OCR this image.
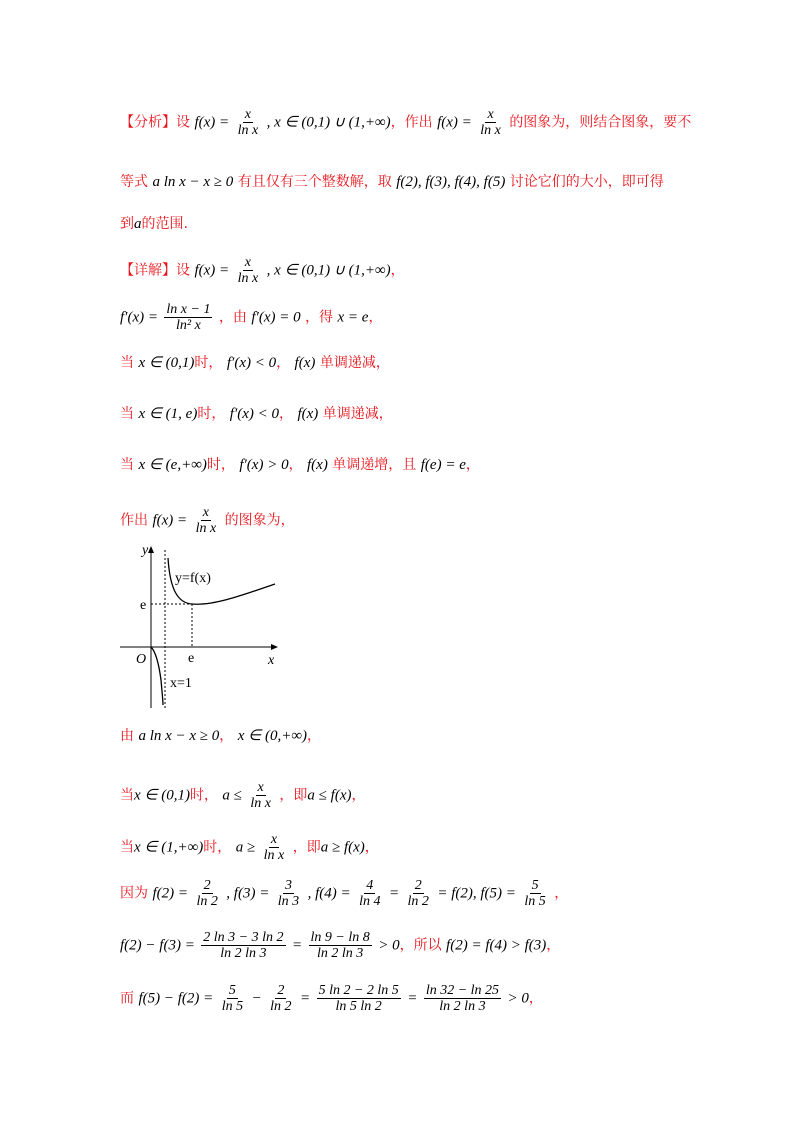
【分析】设 $f(x) = \frac{x}{\text{ln x}}$ , x ∈ (0,1) ∪ (1,+∞)，作出 $f(x) = \frac{x}{\text{ln x}}$ 的图象为，则结合图象，要不
等式 a ln x − x ≥ 0 有且仅有三个整数解，取 f(2), f(3), f(4), f(5) 讨论它们的大小，即可得
到a的范围.
【详解】设 $f(x) = \frac{x}{\text{ln x}}$ , x ∈ (0,1) ∪ (1,+∞)，
$f'(x) = \frac{\text{ln x − 1}}{\text{ln² x}}$ ，由 f′(x) = 0 ，得 x = e，
当 x ∈ (0,1)时， f′(x) < 0， f(x) 单调递减，
当 x ∈ (1, e)时， f′(x) < 0， f(x) 单调递减，
当 x ∈ (e,+∞)时， f′(x) > 0， f(x) 单调递增，且 f(e) = e，
作出 $f(x) = \frac{x}{\text{ln x}}$ 的图象为，
y
x
O
y=f(x)
e
e
x=1
由 a ln x − x ≥ 0， x ∈ (0,+∞)，
当x ∈ (0,1)时， $a \le \frac{x}{\text{ln x}}$ ，即a ≤ f(x)，
当x ∈ (1,+∞)时， $a \ge \frac{x}{\text{ln x}}$ ，即a ≥ f(x)，
因为 $f(2) = \frac{2}{\ln 2}$ , $f(3) = \frac{3}{\ln 3}$ , $f(4) = \frac{4}{\ln 4} = \frac{2}{\ln 2} = f(2)$, $f(5) = \frac{5}{\ln 5}$ ，
$f(2) - f(3) = \frac{2 \ln 3 - 3 \ln 2}{\ln 2 \ln 3} = \frac{\ln 9 - \ln 8}{\ln 2 \ln 3} > 0$，所以 f(2) = f(4) > f(3)，
而 $f(5) - f(2) = \frac{5}{\ln 5} - \frac{2}{\ln 2} = \frac{5 \ln 2 - 2 \ln 5}{\ln 5 \ln 2} = \frac{\ln 32 - \ln 25}{\ln 2 \ln 3} > 0$，
